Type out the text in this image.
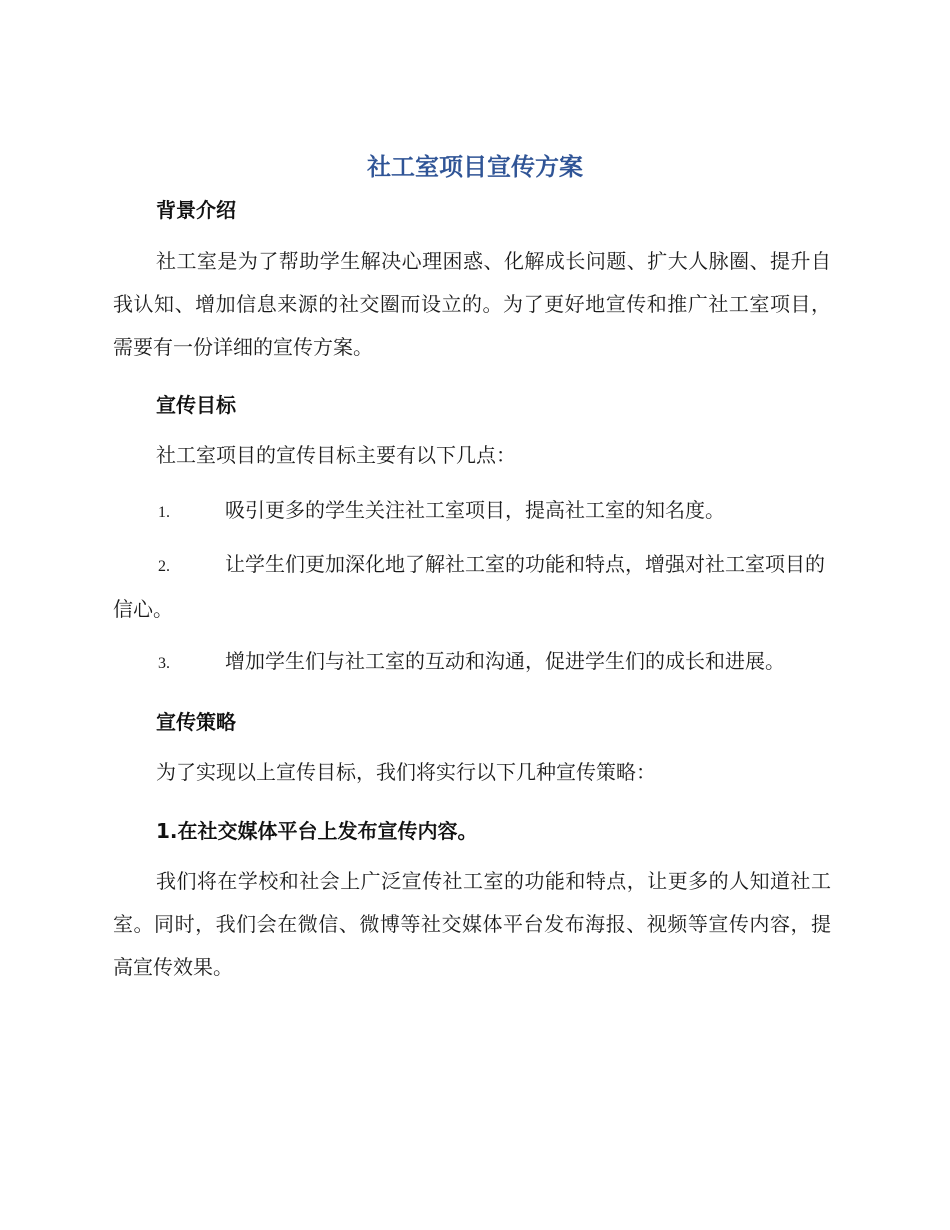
社工室项目宣传方案
背景介绍

社工室是为了帮助学生解决心理困惑、化解成长问题、扩大人脉圈、提升自我认知、增加信息来源的社交圈而设立的。为了更好地宣传和推广社工室项目，需要有一份详细的宣传方案。

宣传目标

社工室项目的宣传目标主要有以下几点：

1.	吸引更多的学生关注社工室项目，提高社工室的知名度。

2.	让学生们更加深化地了解社工室的功能和特点，增强对社工室项目的信心。

3.	增加学生们与社工室的互动和沟通，促进学生们的成长和进展。

宣传策略

为了实现以上宣传目标，我们将实行以下几种宣传策略：

1.在社交媒体平台上发布宣传内容。

我们将在学校和社会上广泛宣传社工室的功能和特点，让更多的人知道社工室。同时，我们会在微信、微博等社交媒体平台发布海报、视频等宣传内容，提高宣传效果。
